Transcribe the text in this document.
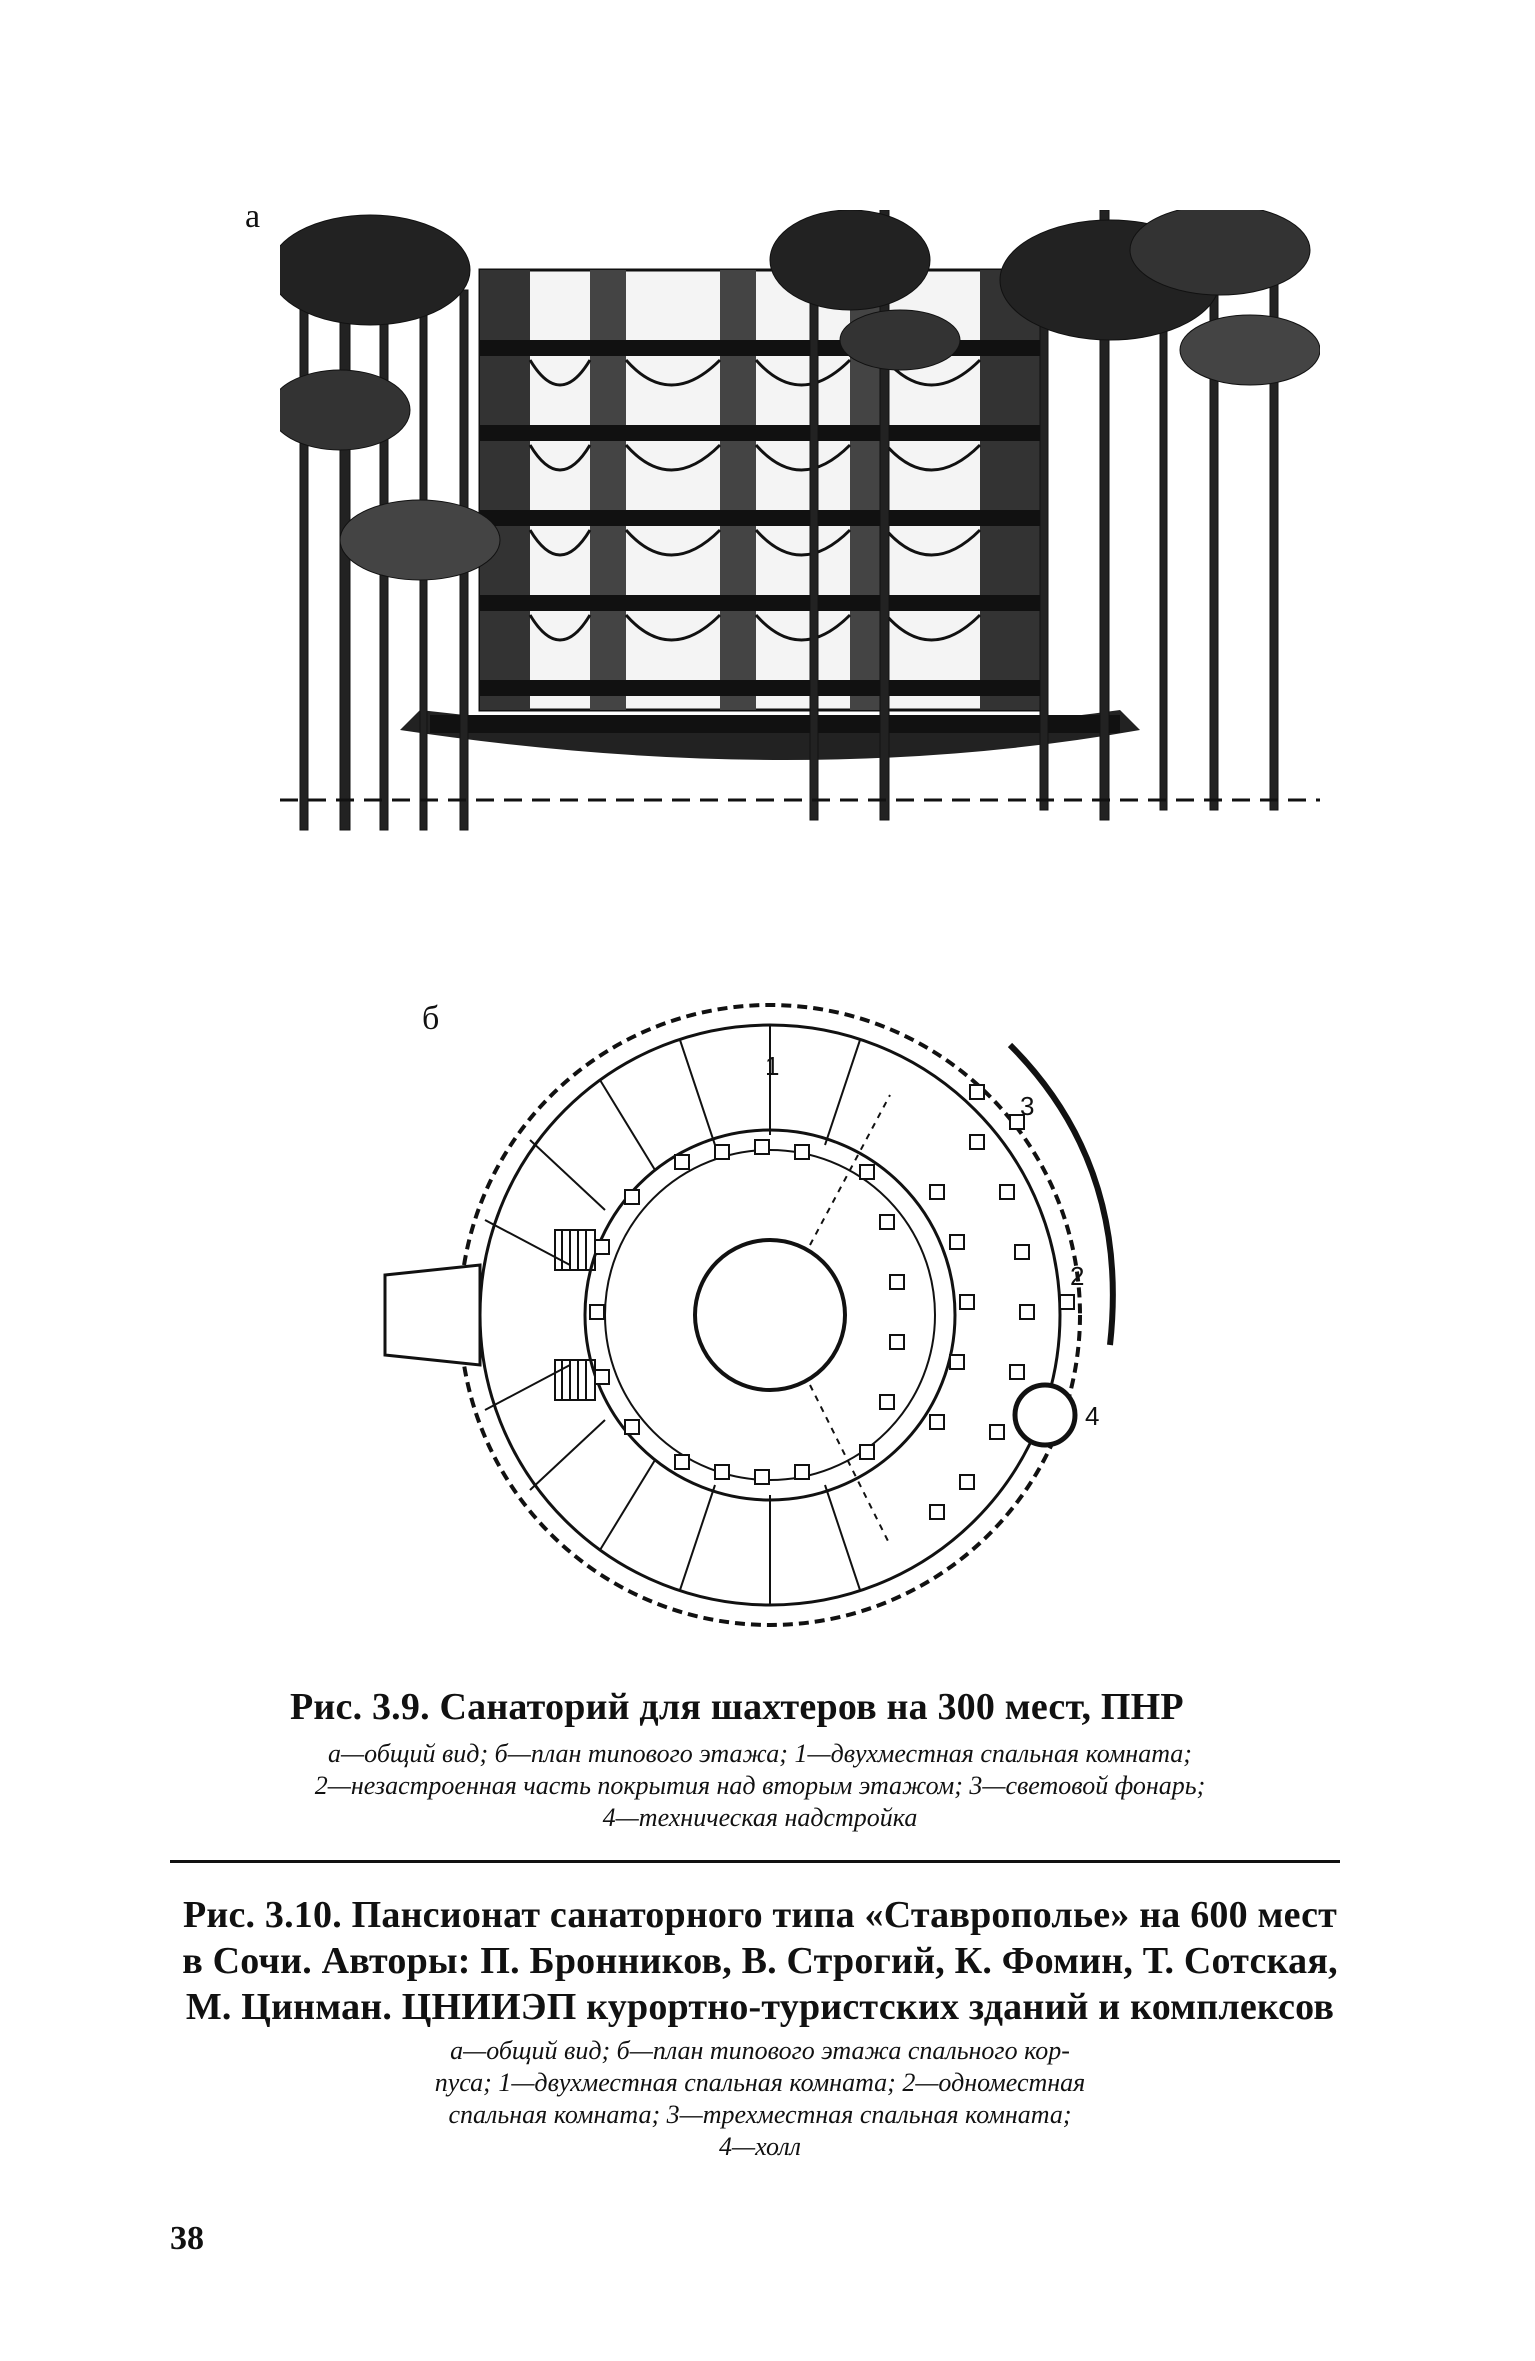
а
б
1
3
2
4
Рис. 3.9. Санаторий для шахтеров на 300 мест, ПНР
а—общий вид; б—план типового этажа; 1—двухместная спальная комната;
2—незастроенная часть покрытия над вторым этажом; 3—световой фонарь;
4—техническая надстройка
Рис. 3.10. Пансионат санаторного типа «Ставрополье» на 600 мест
в Сочи. Авторы: П. Бронников, В. Строгий, К. Фомин, Т. Сотская,
М. Цинман. ЦНИИЭП курортно-туристских зданий и комплексов
а—общий вид; б—план типового этажа спального кор-
пуса; 1—двухместная спальная комната; 2—одноместная
спальная комната; 3—трехместная спальная комната;
4—холл
38
